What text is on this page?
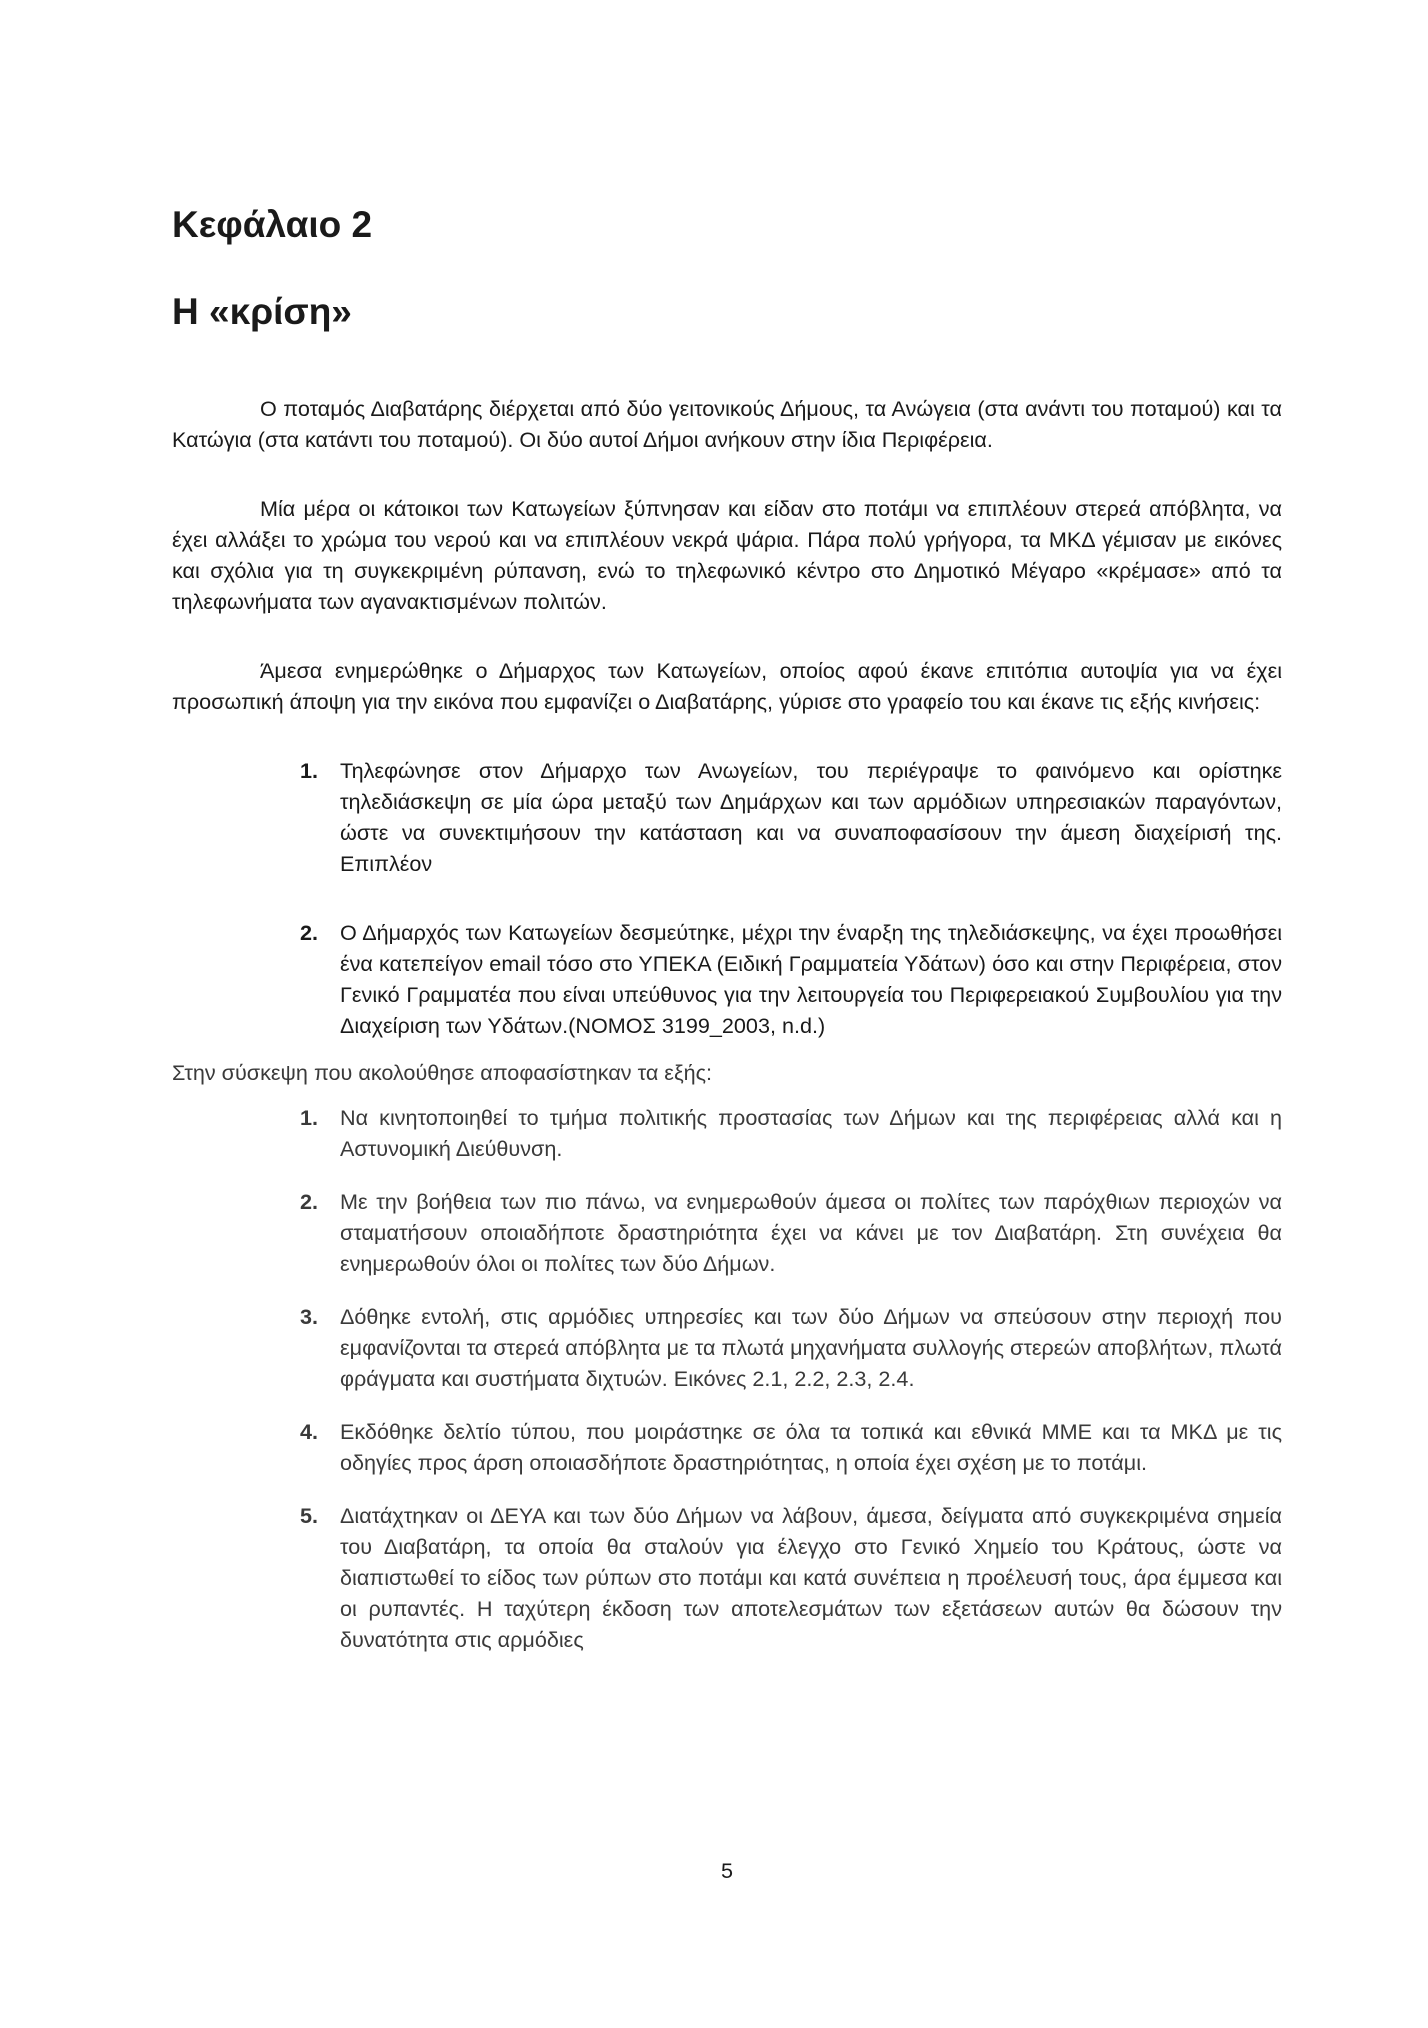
Κεφάλαιο 2
Η «κρίση»

Ο ποταμός Διαβατάρης διέρχεται από δύο γειτονικούς Δήμους, τα Ανώγεια (στα ανάντι του ποταμού) και τα Κατώγια (στα κατάντι του ποταμού). Οι δύο αυτοί Δήμοι ανήκουν στην ίδια Περιφέρεια.

Μία μέρα οι κάτοικοι των Κατωγείων ξύπνησαν και είδαν στο ποτάμι να επιπλέουν στερεά απόβλητα, να έχει αλλάξει το χρώμα του νερού και να επιπλέουν νεκρά ψάρια. Πάρα πολύ γρήγορα, τα ΜΚΔ γέμισαν με εικόνες και σχόλια για τη συγκεκριμένη ρύπανση, ενώ το τηλεφωνικό κέντρο στο Δημοτικό Μέγαρο «κρέμασε» από τα τηλεφωνήματα των αγανακτισμένων πολιτών.

Άμεσα ενημερώθηκε ο Δήμαρχος των Κατωγείων, οποίος αφού έκανε επιτόπια αυτοψία για να έχει προσωπική άποψη για την εικόνα που εμφανίζει ο Διαβατάρης, γύρισε στο γραφείο του και έκανε τις εξής κινήσεις:

1. Τηλεφώνησε στον Δήμαρχο των Ανωγείων, του περιέγραψε το φαινόμενο και ορίστηκε τηλεδιάσκεψη σε μία ώρα μεταξύ των Δημάρχων και των αρμόδιων υπηρεσιακών παραγόντων, ώστε να συνεκτιμήσουν την κατάσταση και να συναποφασίσουν την άμεση διαχείρισή της. Επιπλέον
2. Ο Δήμαρχός των Κατωγείων δεσμεύτηκε, μέχρι την έναρξη της τηλεδιάσκεψης, να έχει προωθήσει ένα κατεπείγον email τόσο στο ΥΠΕΚΑ (Ειδική Γραμματεία Υδάτων) όσο και στην Περιφέρεια, στον Γενικό Γραμματέα που είναι υπεύθυνος για την λειτουργεία του Περιφερειακού Συμβουλίου για την Διαχείριση των Υδάτων.(ΝΟΜΟΣ 3199_2003, n.d.)

Στην σύσκεψη που ακολούθησε αποφασίστηκαν τα εξής:

1. Να κινητοποιηθεί το τμήμα πολιτικής προστασίας των Δήμων και της περιφέρειας αλλά και η Αστυνομική Διεύθυνση.
2. Με την βοήθεια των πιο πάνω, να ενημερωθούν άμεσα οι πολίτες των παρόχθιων περιοχών να σταματήσουν οποιαδήποτε δραστηριότητα έχει να κάνει με τον Διαβατάρη. Στη συνέχεια θα ενημερωθούν όλοι οι πολίτες των δύο Δήμων.
3. Δόθηκε εντολή, στις αρμόδιες υπηρεσίες και των δύο Δήμων να σπεύσουν στην περιοχή που εμφανίζονται τα στερεά απόβλητα με τα πλωτά μηχανήματα συλλογής στερεών αποβλήτων, πλωτά φράγματα και συστήματα διχτυών. Εικόνες 2.1, 2.2, 2.3, 2.4.
4. Εκδόθηκε δελτίο τύπου, που μοιράστηκε σε όλα τα τοπικά και εθνικά ΜΜΕ και τα ΜΚΔ με τις οδηγίες προς άρση οποιασδήποτε δραστηριότητας, η οποία έχει σχέση με το ποτάμι.
5. Διατάχτηκαν οι ΔΕΥΑ και των δύο Δήμων να λάβουν, άμεσα, δείγματα από συγκεκριμένα σημεία του Διαβατάρη, τα οποία θα σταλούν για έλεγχο στο Γενικό Χημείο του Κράτους, ώστε να διαπιστωθεί το είδος των ρύπων στο ποτάμι και κατά συνέπεια η προέλευσή τους, άρα έμμεσα και οι ρυπαντές. Η ταχύτερη έκδοση των αποτελεσμάτων των εξετάσεων αυτών θα δώσουν την δυνατότητα στις αρμόδιες

5
